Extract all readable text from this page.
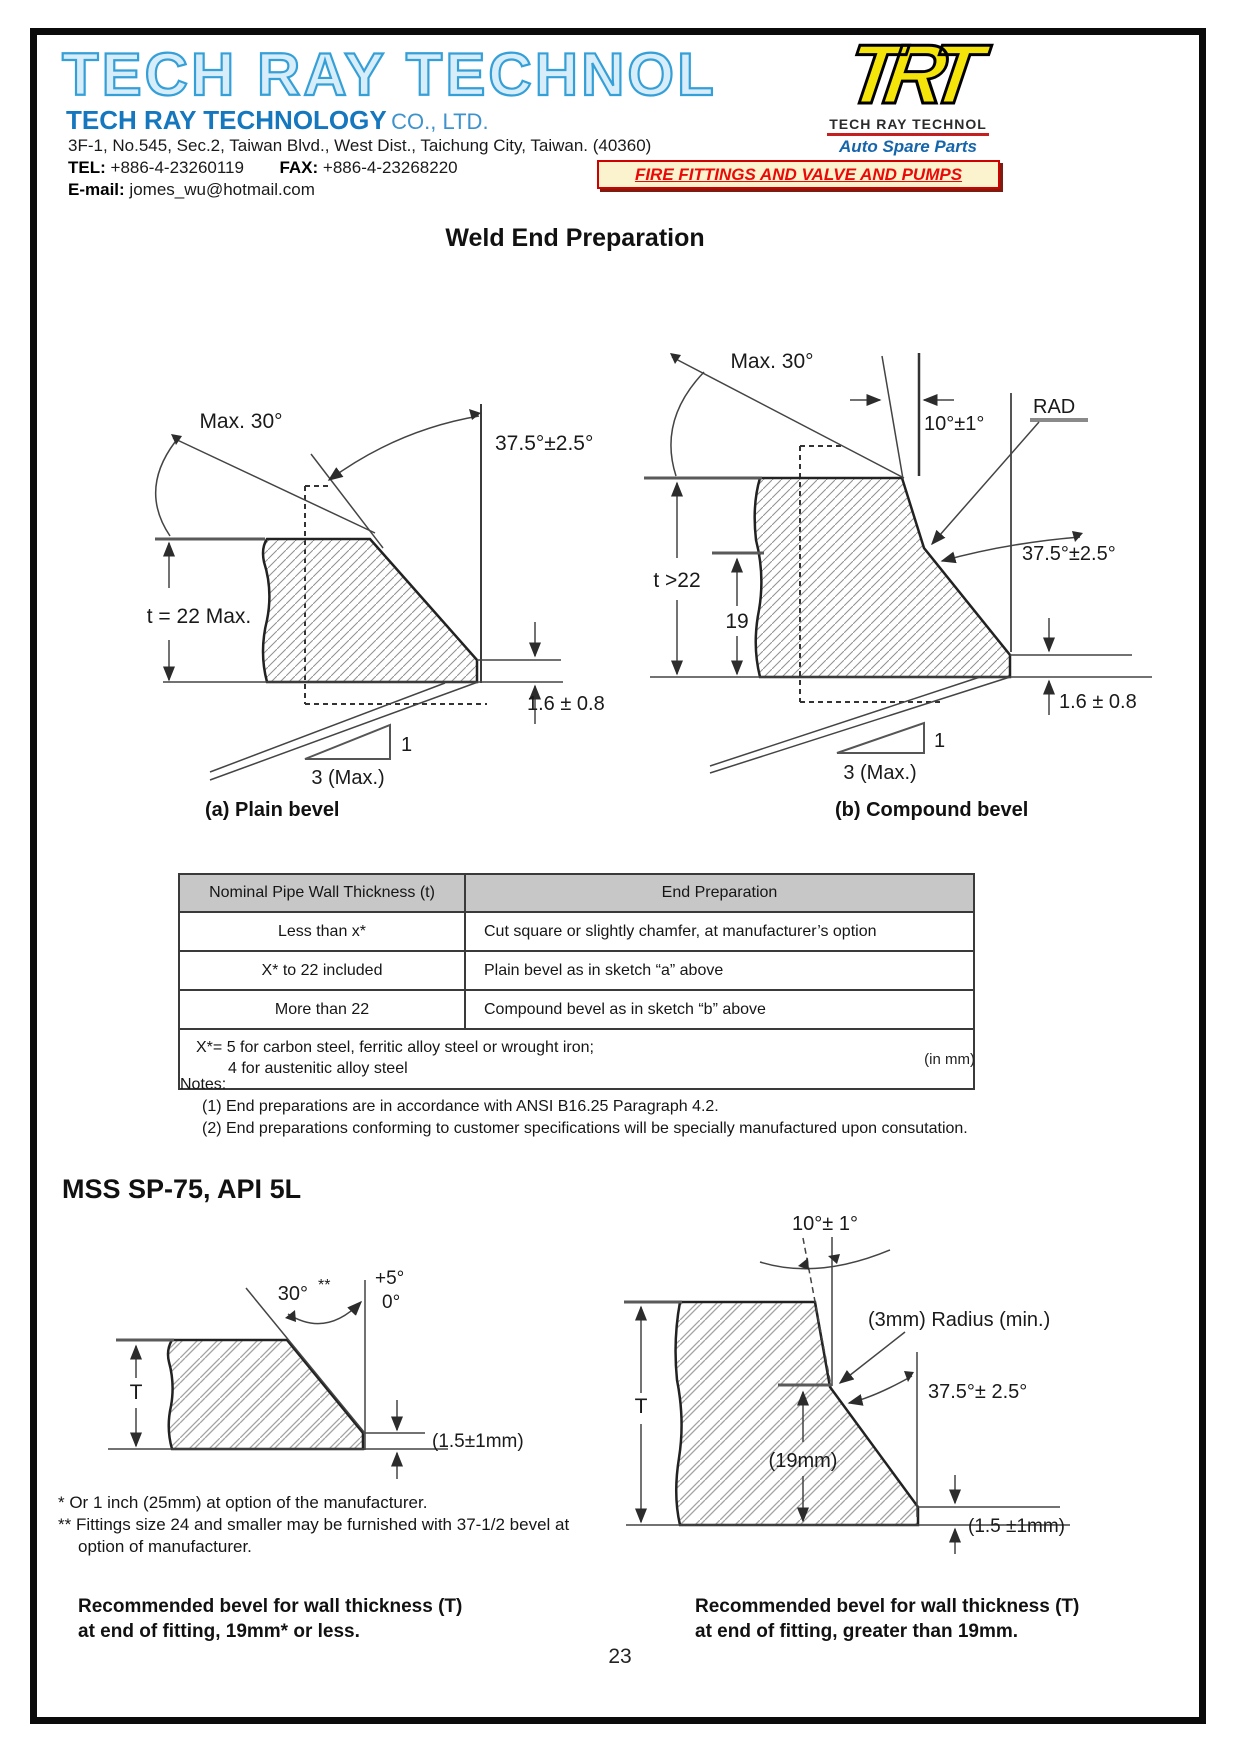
TECH RAY TECHNOL
TECH RAY TECHNOLOGY CO., LTD.
3F-1, No.545, Sec.2, Taiwan Blvd., West Dist., Taichung City, Taiwan. (40360)
TEL: +886-4-23260119 FAX: +886-4-23268220
E-mail: jomes_wu@hotmail.com
TRT
TECH RAY TECHNOL
Auto Spare Parts
FIRE FITTINGS AND VALVE AND PUMPS
Weld End Preparation
Max. 30°
37.5°±2.5°
t = 22 Max.
1.6 ± 0.8
1
3 (Max.)
Max. 30°
10°±1°
RAD
37.5°±2.5°
t >22
19
1.6 ± 0.8
1
3 (Max.)
(a) Plain bevel	(b) Compound bevel
Nominal Pipe Wall Thickness (t)	End Preparation
Less than x*	Cut square or slightly chamfer, at manufacturer’s option
X* to 22 included	Plain bevel as in sketch “a” above
More than 22	Compound bevel as in sketch “b” above

X*= 5 for carbon steel, ferritic alloy steel or wrought iron;
4 for austenitic alloy steel	
(in mm)
Notes:
(1) End preparations are in accordance with ANSI B16.25 Paragraph 4.2.
(2) End preparations conforming to customer specifications will be specially manufactured upon consutation.
MSS SP-75, API 5L
30° ** +5°
0°
T
(1.5±1mm)
10°± 1°
(3mm) Radius (min.)
37.5°± 2.5°
T
(19mm)
(1.5 ±1mm)
* Or 1 inch (25mm) at option of the manufacturer.
** Fittings size 24 and smaller may be furnished with 37-1/2 bevel at option of manufacturer.
Recommended bevel for wall thickness (T)
at end of fitting, 19mm* or less.
Recommended bevel for wall thickness (T)
at end of fitting, greater than 19mm.
23
